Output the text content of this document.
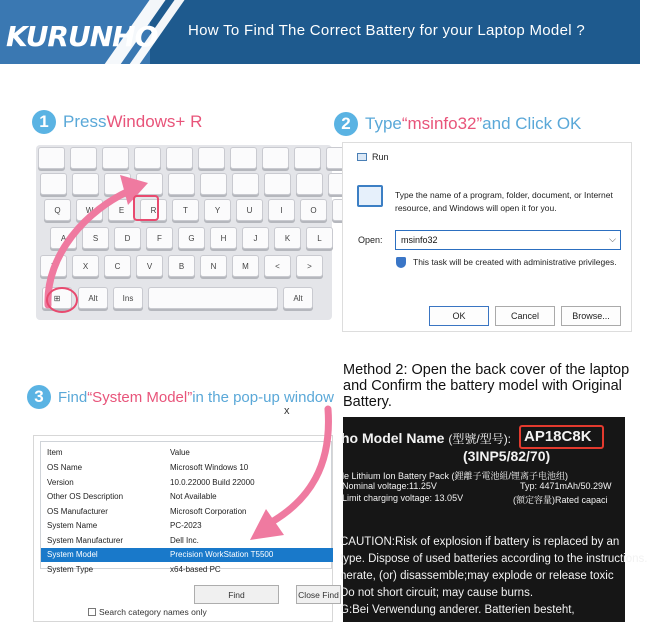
KURUNHO How To Find The Correct Battery for your Laptop Model ?
1 Press Windows+ R
Q	W	E	R	T	Y	U	I	O
A	S	D	F	G	H	J	K	L
Z	X	C	V	B	N	M	<	>
Alt	Ins	Alt
⊞
2 Type “msinfo32” and Click OK
Run
Type the name of a program, folder, document, or Internet resource, and Windows will open it for you.
Open:	msinfo32	⌵
This task will be created with administrative privileges.
OK	Cancel	Browse...
3 Find “System Model” in the pop-up window
x
Item	Value
OS Name	Microsoft Windows 10
Version	10.0.22000 Build 22000
Other OS Description	Not Available
OS Manufacturer	Microsoft Corporation
System Name	PC-2023
System Manufacturer	Dell Inc.
System Model	Precision WorkStation T5500
System Type	x64-based PC
Find	Close Find
Search category names only
Method 2: Open the back cover of the laptop and Confirm the battery model with Original Battery.
ho Model Name (型號/型号): AP18C8K
(3INP5/82/70)
le Lithium Ion Battery Pack (鋰離子電池組/锂离子电池组)
Nominal voltage:11.25V	Typ: 4471mAh/50.29W
Limit charging voltage: 13.05V	(額定容量)Rated capaci
CAUTION:Risk of explosion if battery is replaced by an
type. Dispose of used batteries according to the instructions.
nerate, (or) disassemble;may explode or release toxic
Do not short circuit; may cause burns.
G:Bei Verwendung anderer. Batterien besteht,
